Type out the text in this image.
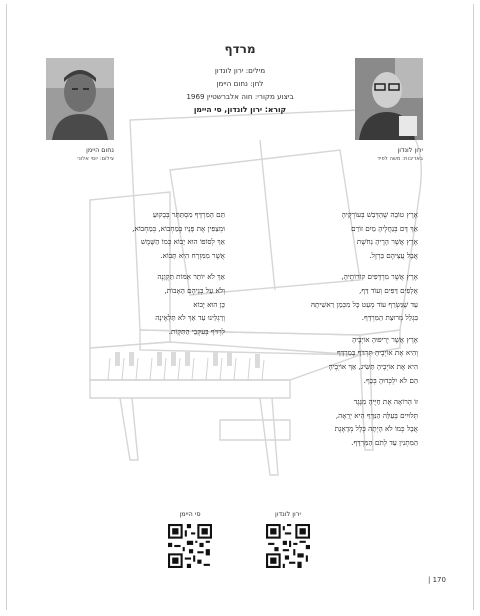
מרדף
מילים: ירון לונדון
לחן: נחום היימן
ביצוע מקורי: חוה אלברשטיין 1969
קורא: ירון לונדון, סי היימן
נחום היימן
צילום: יוסי אלוני
ירון לונדון
באדיבות: משה לפיד
אֶרֶץ טוֹבָה שֶׁהַדְּבַשׁ בְּעוֹרְקֶיהָ
אַךְ דָּם בְּנַחֲלֶיהָ מַיִם זוֹרֵם
אֶרֶץ אֲשֶׁר הָרֶיהָ נְחֹשֶׁת
אֲבָל עֲצֵיהֶם בַּרְזֶל.
אֶרֶץ אֲשֶׁר מִרְדָּפִים קוֹרוֹתֶיהָ,
אֲלָפִים דַּפִּים וְעוֹד דַּף,
עַד שֶׁנִּשְׂרַף עוֹד מְעַט כָּל מִכְּמַן רֵאשִׁיתָהּ
בִּגְלַל מְרוּצַת הַמִּרְדָּף.
אֶרֶץ אֲשֶׁר יְרִיפוּהָ אוֹיְבֶיהָ
וְהִיא אֶת אוֹיְבֶיהָ תִּרְדֹּף בְּמִרְדָּף
הִיא אֶת אוֹיְבֶיהָ תַּשִּׂיג, אַךְ אוֹיְבֶיהָ
הֵם לֹא יִלְכְּדוּהָ בְּכַף.
זוֹ הָרוֹאָה אֶת חַיֶּיהָ מִנֶּגֶד
תְּלוּיִים בְּעַלֵּה הַנִּדָּף הִיא יְרֵאָה,
אֲבָל כְּמוֹ לֹא הָיְתָה כְּלָל מְדָאֶגֶת
הַמִּתְנִין עַד לְתֹם הַמִּרְדָּף.
תַּם הַמִּרְדָּף מִסְתַּתֵּר בְּבָקוּעַ
וּמְצַפִּין אֶת פָּנָיו בְּמַחְבוֹא, בְּמַחְבוֹא,
אַךְ לְסוֹפוֹ הוּא יָבוֹא כְּמוֹ הַשֶּׁמֶשׁ
אֲשֶׁר מִמִּזְרָח הִיא תָּבוֹא.
אַךְ לֹא יוֹתֵר אִמּוֹת תַּקְוָנֶה
וְלֹא עַל בְּנֵיהֶם הָאָבוֹת,
כֵּן הוּא יָבוֹא
וְרַגְלֵינוּ עַד אַךְ לֹא תַּלְאֶינָה
לִרְדֹּף בְּעִקְּבֵי הַתִּקְוֹת.
ירון לונדון
סי היימן
| 170
